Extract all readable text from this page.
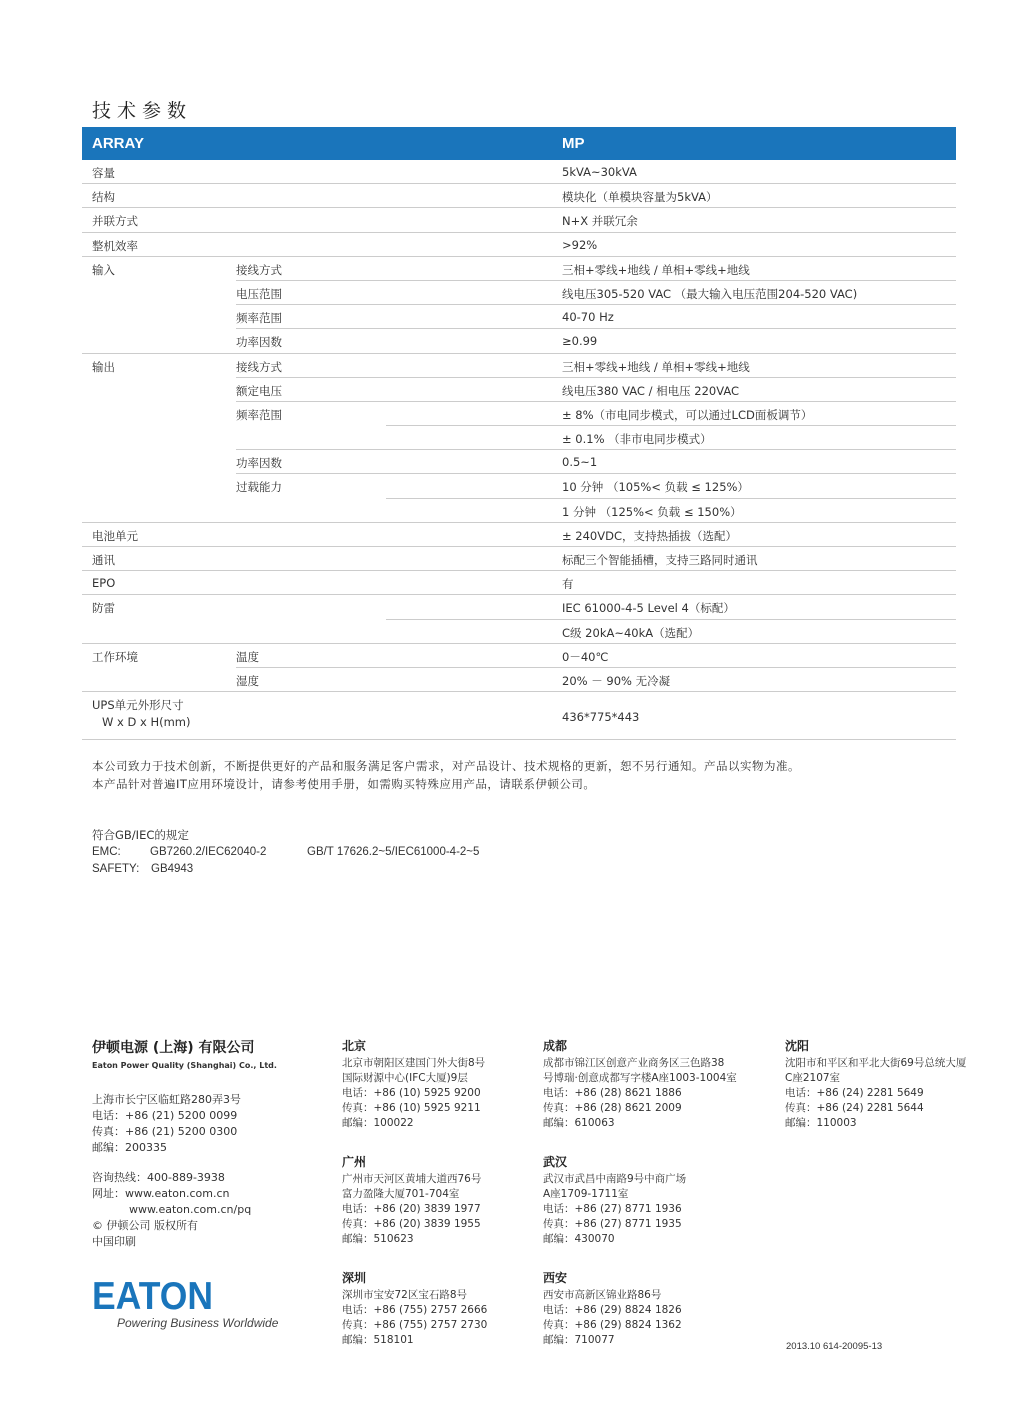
技术参数
ARRAY	MP
容量	5kVA~30kVA
结构	模块化（单模块容量为5kVA）
并联方式	N+X 并联冗余
整机效率	>92%
输入	接线方式	三相+零线+地线 / 单相+零线+地线
电压范围	线电压305-520 VAC （最大输入电压范围204-520 VAC)
频率范围	40-70 Hz
功率因数	≥0.99
输出	接线方式	三相+零线+地线 / 单相+零线+地线
额定电压	线电压380 VAC / 相电压 220VAC
频率范围	± 8%（市电同步模式，可以通过LCD面板调节）
± 0.1% （非市电同步模式）
功率因数	0.5~1
过载能力	10 分钟 （105%< 负载 ≤ 125%）
1 分钟 （125%< 负载 ≤ 150%）
电池单元	± 240VDC，支持热插拔（选配）
通讯	标配三个智能插槽，支持三路同时通讯
EPO	有
防雷	IEC 61000-4-5 Level 4（标配）
C级 20kA~40kA（选配）
工作环境	温度	0－40℃
湿度	20% － 90% 无冷凝
UPS单元外形尺寸
W x D x H(mm)	436*775*443
本公司致力于技术创新，不断提供更好的产品和服务满足客户需求，对产品设计、技术规格的更新，恕不另行通知。产品以实物为准。
本产品针对普遍IT应用环境设计，请参考使用手册，如需购买特殊应用产品，请联系伊顿公司。
符合GB/IEC的规定
EMC:	GB7260.2/IEC62040-2	GB/T 17626.2~5/IEC61000-4-2~5
SAFETY: GB4943
伊顿电源 (上海) 有限公司
Eaton Power Quality (Shanghai) Co., Ltd.
上海市长宁区临虹路280弄3号
电话：+86 (21) 5200 0099
传真：+86 (21) 5200 0300
邮编：200335
咨询热线：400-889-3938
网址：www.eaton.com.cn
www.eaton.com.cn/pq
© 伊顿公司 版权所有
中国印刷
北京
北京市朝阳区建国门外大街8号
国际财源中心(IFC大厦)9层
电话：+86 (10) 5925 9200
传真：+86 (10) 5925 9211
邮编：100022
成都
成都市锦江区创意产业商务区三色路38
号博瑞·创意成都写字楼A座1003-1004室
电话：+86 (28) 8621 1886
传真：+86 (28) 8621 2009
邮编：610063
沈阳
沈阳市和平区和平北大街69号总统大厦
C座2107室
电话：+86 (24) 2281 5649
传真：+86 (24) 2281 5644
邮编：110003
广州
广州市天河区黄埔大道西76号
富力盈隆大厦701-704室
电话：+86 (20) 3839 1977
传真：+86 (20) 3839 1955
邮编：510623
武汉
武汉市武昌中南路9号中商广场
A座1709-1711室
电话：+86 (27) 8771 1936
传真：+86 (27) 8771 1935
邮编：430070
深圳
深圳市宝安72区宝石路8号
电话：+86 (755) 2757 2666
传真：+86 (755) 2757 2730
邮编：518101
西安
西安市高新区锦业路86号
电话：+86 (29) 8824 1826
传真：+86 (29) 8824 1362
邮编：710077
EATON
Powering Business Worldwide
2013.10 614-20095-13
